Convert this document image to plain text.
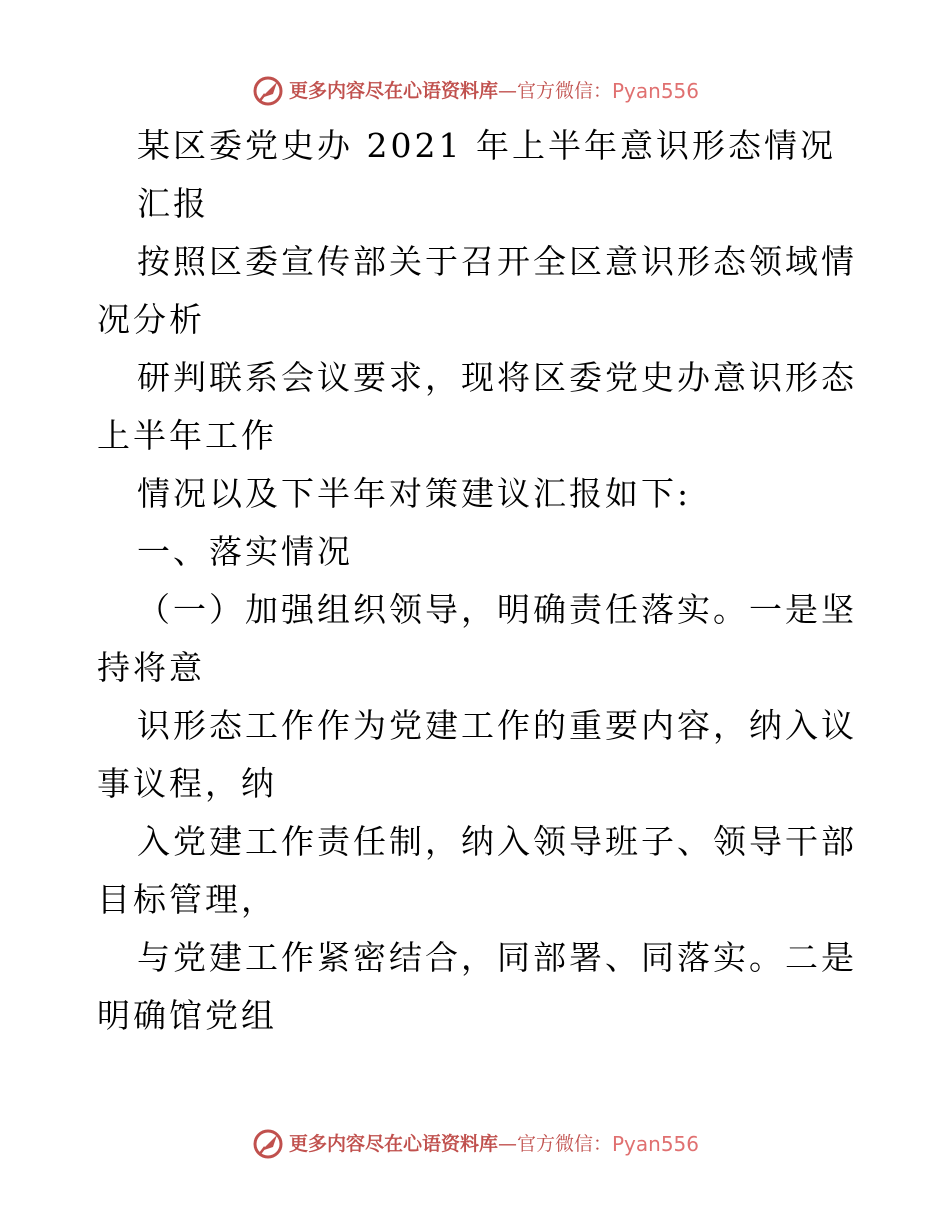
更多内容尽在心语资料库 — 官方微信： Pyan556

某区委党史办 2021 年上半年意识形态情况

汇报

按照区委宣传部关于召开全区意识形态领域情况分析

研判联系会议要求，现将区委党史办意识形态上半年工作

情况以及下半年对策建议汇报如下:

一、落实情况

（一）加强组织领导，明确责任落实。一是坚持将意

识形态工作作为党建工作的重要内容，纳入议事议程，纳

入党建工作责任制，纳入领导班子、领导干部目标管理，

与党建工作紧密结合，同部署、同落实。二是明确馆党组

更多内容尽在心语资料库 — 官方微信： Pyan556
